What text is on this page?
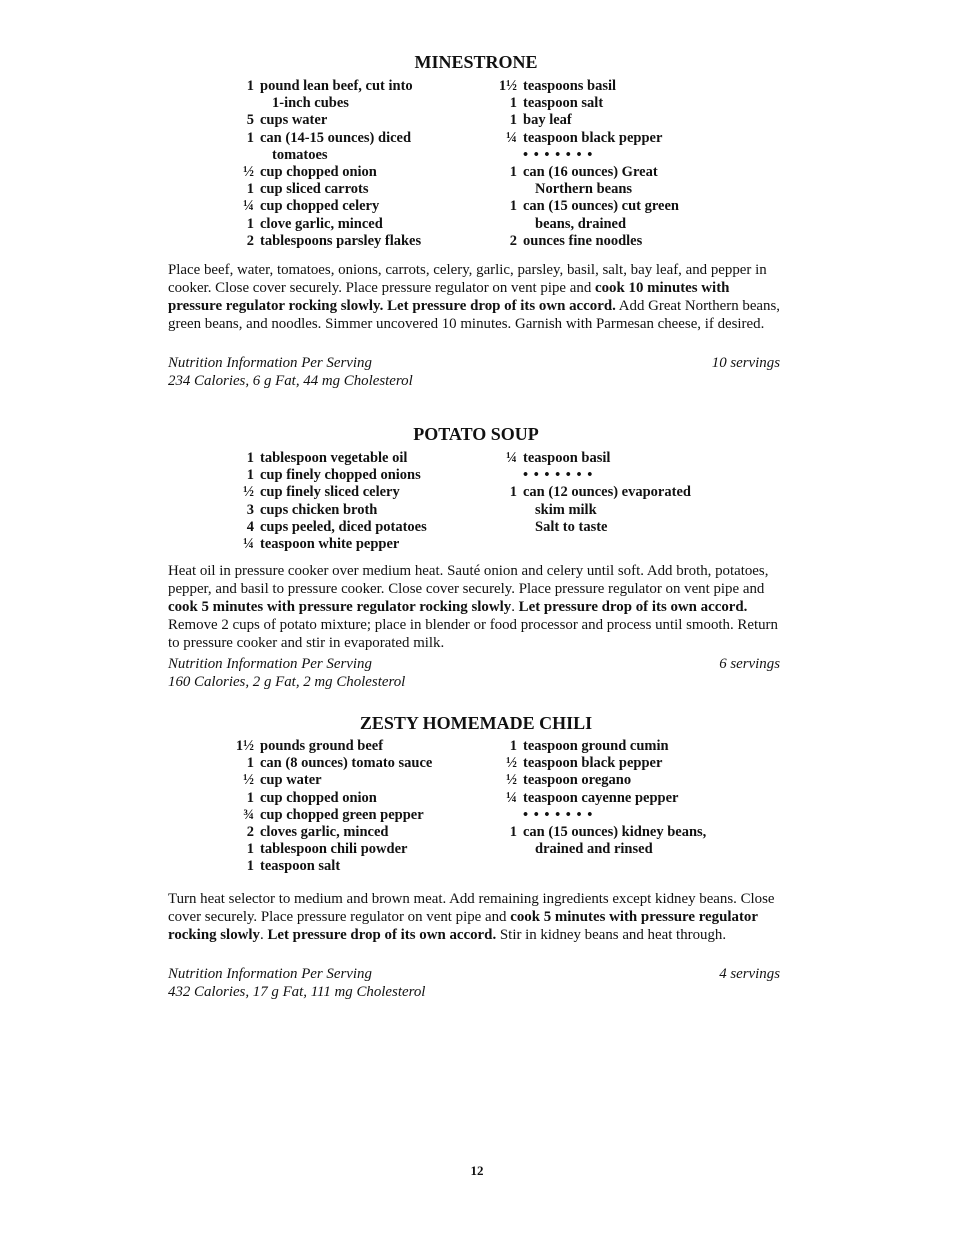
MINESTRONE
1 pound lean beef, cut into
1-inch cubes
5 cups water
1 can (14-15 ounces) diced
tomatoes
½ cup chopped onion
1 cup sliced carrots
¼ cup chopped celery
1 clove garlic, minced
2 tablespoons parsley flakes
1½ teaspoons basil
1 teaspoon salt
1 bay leaf
¼ teaspoon black pepper
• • • • • • •
1 can (16 ounces) Great
Northern beans
1 can (15 ounces) cut green
beans, drained
2 ounces fine noodles

Place beef, water, tomatoes, onions, carrots, celery, garlic, parsley, basil, salt, bay leaf, and pepper in cooker. Close cover securely. Place pressure regulator on vent pipe and cook 10 minutes with pressure regulator rocking slowly. Let pressure drop of its own accord. Add Great Northern beans, green beans, and noodles. Simmer uncovered 10 minutes. Garnish with Parmesan cheese, if desired.

Nutrition Information Per Serving	10 servings
234 Calories, 6 g Fat, 44 mg Cholesterol
POTATO SOUP
1 tablespoon vegetable oil
1 cup finely chopped onions
½ cup finely sliced celery
3 cups chicken broth
4 cups peeled, diced potatoes
¼ teaspoon white pepper
¼ teaspoon basil
• • • • • • •
1 can (12 ounces) evaporated
skim milk
Salt to taste

Heat oil in pressure cooker over medium heat. Sauté onion and celery until soft. Add broth, potatoes, pepper, and basil to pressure cooker. Close cover securely. Place pressure regulator on vent pipe and cook 5 minutes with pressure regulator rocking slowly. Let pressure drop of its own accord. Remove 2 cups of potato mixture; place in blender or food processor and process until smooth. Return to pressure cooker and stir in evaporated milk.

Nutrition Information Per Serving	6 servings
160 Calories, 2 g Fat, 2 mg Cholesterol
ZESTY HOMEMADE CHILI
1½ pounds ground beef
1 can (8 ounces) tomato sauce
½ cup water
1 cup chopped onion
¾ cup chopped green pepper
2 cloves garlic, minced
1 tablespoon chili powder
1 teaspoon salt
1 teaspoon ground cumin
½ teaspoon black pepper
½ teaspoon oregano
¼ teaspoon cayenne pepper
• • • • • • •
1 can (15 ounces) kidney beans,
drained and rinsed

Turn heat selector to medium and brown meat. Add remaining ingredients except kidney beans. Close cover securely. Place pressure regulator on vent pipe and cook 5 minutes with pressure regulator rocking slowly. Let pressure drop of its own accord. Stir in kidney beans and heat through.

Nutrition Information Per Serving	4 servings
432 Calories, 17 g Fat, 111 mg Cholesterol
12
